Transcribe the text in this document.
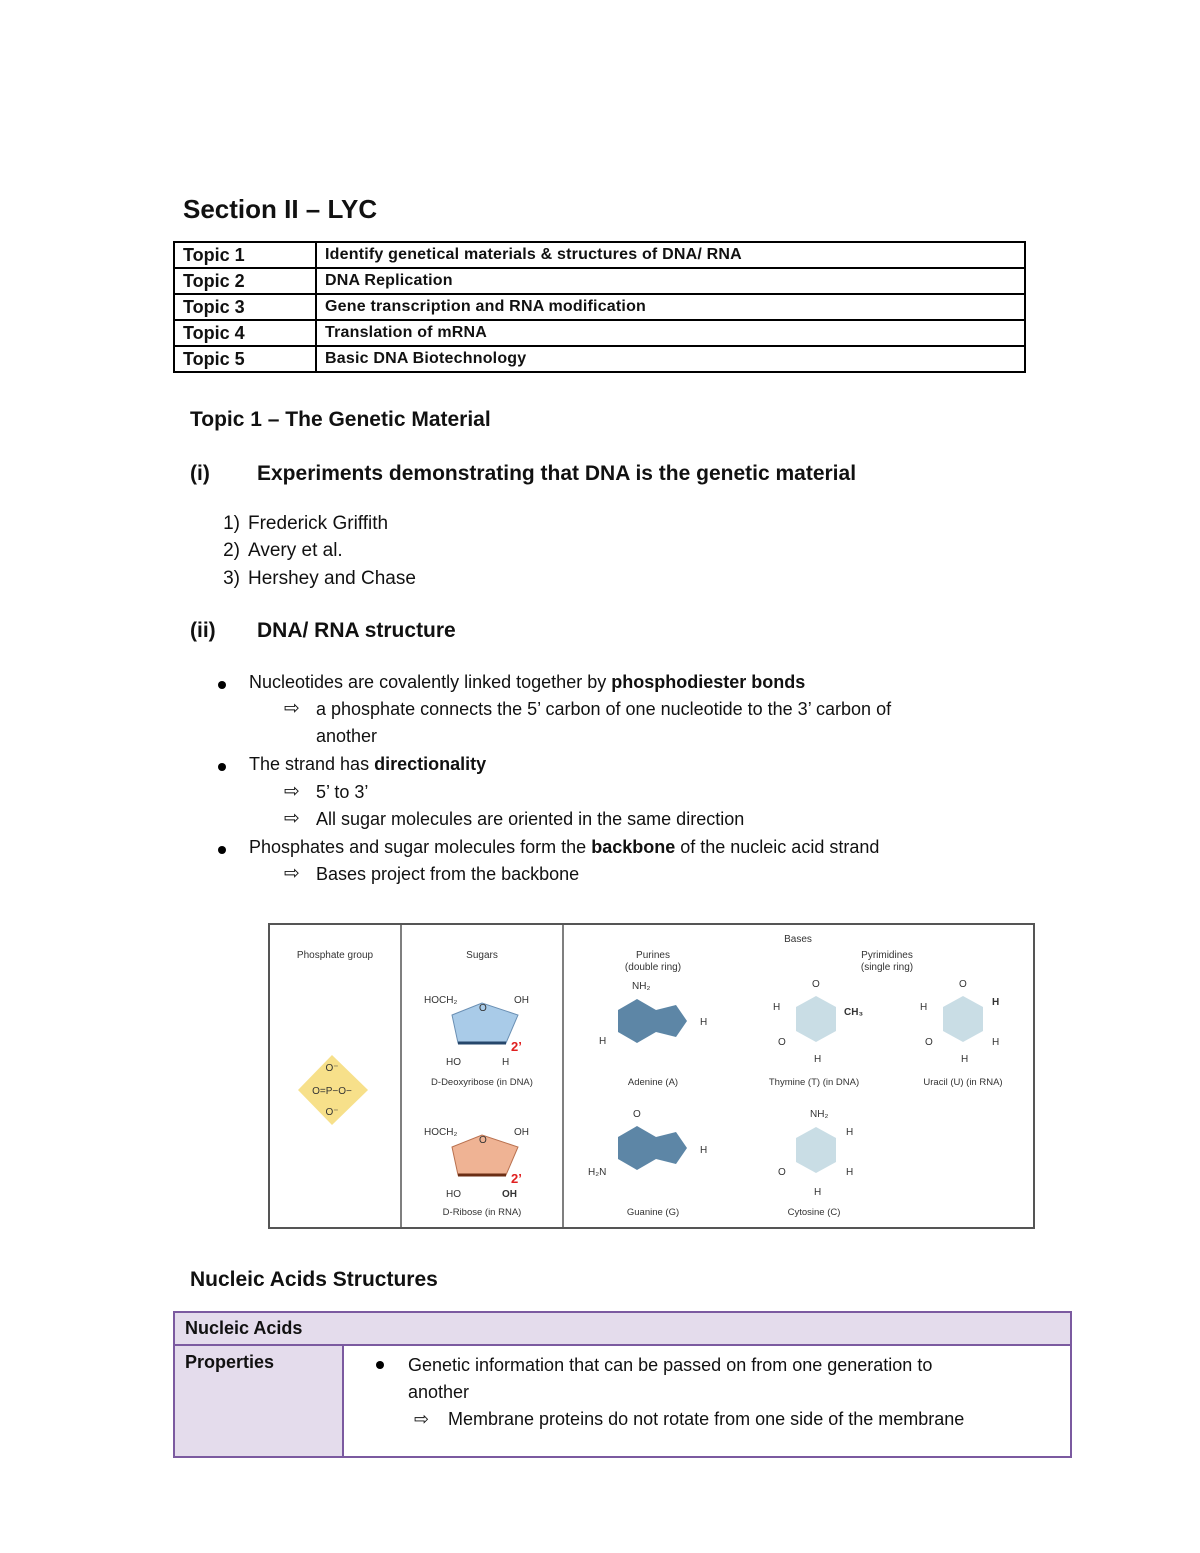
Section II – LYC
Topic 1	Identify genetical materials & structures of DNA/ RNA
Topic 2	DNA Replication
Topic 3	Gene transcription and RNA modification
Topic 4	Translation of mRNA
Topic 5	Basic DNA Biotechnology
Topic 1 – The Genetic Material
(i) Experiments demonstrating that DNA is the genetic material
1) Frederick Griffith
2) Avery et al.
3) Hershey and Chase
(ii) DNA/ RNA structure
Nucleotides are covalently linked together by phosphodiester bonds
⇨ a phosphate connects the 5’ carbon of one nucleotide to the 3’ carbon of
another
The strand has directionality
⇨ 5’ to 3’
⇨ All sugar molecules are oriented in the same direction
Phosphates and sugar molecules form the backbone of the nucleic acid strand
⇨ Bases project from the backbone
Phosphate group	Sugars
Bases
Purines
(double ring)
Pyrimidines
(single ring)
O⁻
O=P−O−
O⁻
HOCH₂
O
OH
HO	H
2’
D-Deoxyribose (in DNA)
HOCH₂
O
OH
HO	OH
2’
D-Ribose (in RNA)
NH₂
H
H
Adenine (A)
O
H
H₂N
Guanine (G)
O
CH₃
H
O
H
Thymine (T) (in DNA)
O
H
H
O	H
H
Uracil (U) (in RNA)
NH₂
H
H
O
H
Cytosine (C)
Nucleic Acids Structures
Nucleic Acids
Properties	Genetic information that can be passed on from one generation to
another
⇨ Membrane proteins do not rotate from one side of the membrane
